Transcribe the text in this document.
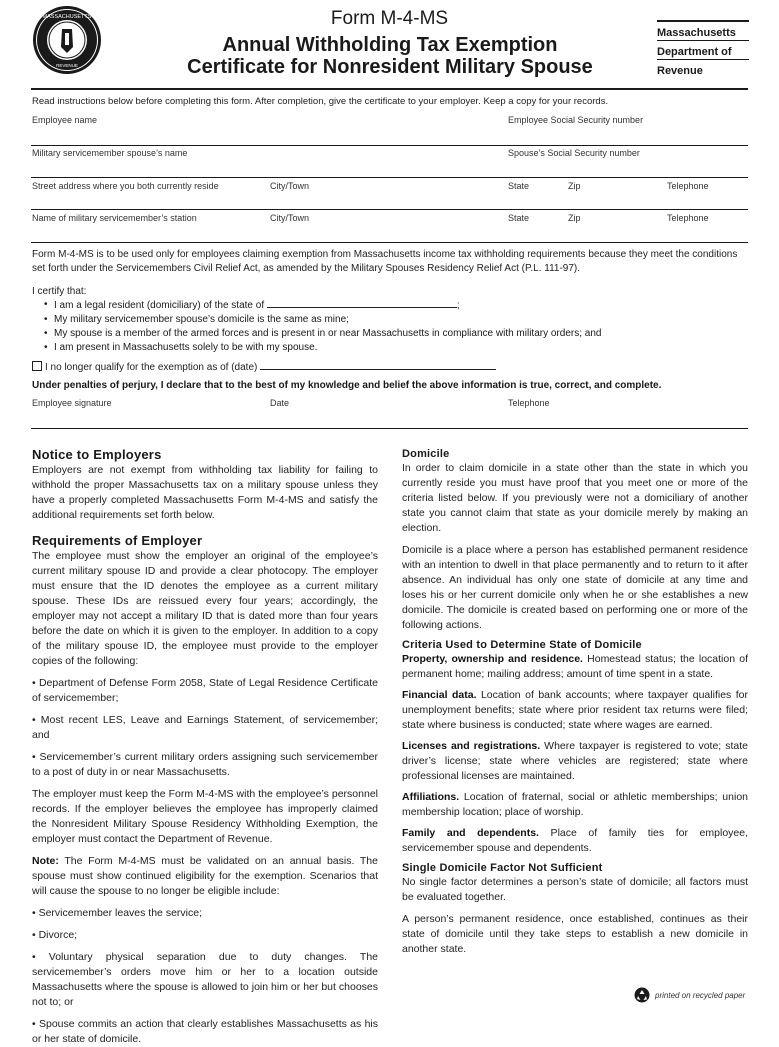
MASSACHUSETTS
REVENUE
Form M-4-MS
Annual Withholding Tax Exemption
Certificate for Nonresident Military Spouse
Massachusetts
Department of
Revenue
Read instructions below before completing this form. After completion, give the certificate to your employer. Keep a copy for your records.
Employee name	Employee Social Security number
Military servicemember spouse’s name	Spouse’s Social Security number
Street address where you both currently reside	City/Town	State	Zip	Telephone
Name of military servicemember’s station	City/Town	State	Zip	Telephone
Form M-4-MS is to be used only for employees claiming exemption from Massachusetts income tax withholding requirements because they meet the conditions set forth under the Servicemembers Civil Relief Act, as amended by the Military Spouses Residency Relief Act (P.L. 111-97).
I certify that:
• I am a legal resident (domiciliary) of the state of	;
• My military servicemember spouse’s domicile is the same as mine;
• My spouse is a member of the armed forces and is present in or near Massachusetts in compliance with military orders; and
• I am present in Massachusetts solely to be with my spouse.
I no longer qualify for the exemption as of (date)
Under penalties of perjury, I declare that to the best of my knowledge and belief the above information is true, correct, and complete.
Employee signature	Date	Telephone
Notice to Employers
Employers are not exempt from withholding tax liability for failing to withhold the proper Massachusetts tax on a military spouse unless they have a properly completed Massachusetts Form M-4-MS and satisfy the additional requirements set forth below.
Requirements of Employer
The employee must show the employer an original of the employee’s current military spouse ID and provide a clear photocopy. The employer must ensure that the ID denotes the employee as a current military spouse. These IDs are reissued every four years; accordingly, the employer may not accept a military ID that is dated more than four years before the date on which it is given to the employer. In addition to a copy of the military spouse ID, the employee must provide to the employer copies of the following:
• Department of Defense Form 2058, State of Legal Residence Certificate of servicemember;
• Most recent LES, Leave and Earnings Statement, of servicemember; and
• Servicemember’s current military orders assigning such servicemember to a post of duty in or near Massachusetts.
The employer must keep the Form M-4-MS with the employee’s personnel records. If the employer believes the employee has improperly claimed the Nonresident Military Spouse Residency Withholding Exemption, the employer must contact the Department of Revenue.
Note: The Form M-4-MS must be validated on an annual basis. The spouse must show continued eligibility for the exemption. Scenarios that will cause the spouse to no longer be eligible include:
• Servicemember leaves the service;
• Divorce;
• Voluntary physical separation due to duty changes. The servicemember’s orders move him or her to a location outside Massachusetts where the spouse is allowed to join him or her but chooses not to; or
• Spouse commits an action that clearly establishes Massachusetts as his or her state of domicile.
Domicile
In order to claim domicile in a state other than the state in which you currently reside you must have proof that you meet one or more of the criteria listed below. If you previously were not a domiciliary of another state you cannot claim that state as your domicile merely by making an election.
Domicile is a place where a person has established permanent residence with an intention to dwell in that place permanently and to return to it after absence. An individual has only one state of domicile at any time and loses his or her current domicile only when he or she establishes a new domicile. The domicile is created based on performing one or more of the following actions.
Criteria Used to Determine State of Domicile
Property, ownership and residence. Homestead status; the location of permanent home; mailing address; amount of time spent in a state.
Financial data. Location of bank accounts; where taxpayer qualifies for unemployment benefits; state where prior resident tax returns were filed; state where business is conducted; state where wages are earned.
Licenses and registrations. Where taxpayer is registered to vote; state driver’s license; state where vehicles are registered; state where professional licenses are maintained.
Affiliations. Location of fraternal, social or athletic memberships; union membership location; place of worship.
Family and dependents. Place of family ties for employee, servicemember spouse and dependents.
Single Domicile Factor Not Sufficient
No single factor determines a person’s state of domicile; all factors must be evaluated together.
A person’s permanent residence, once established, continues as their state of domicile until they take steps to establish a new domicile in another state.
printed on recycled paper
